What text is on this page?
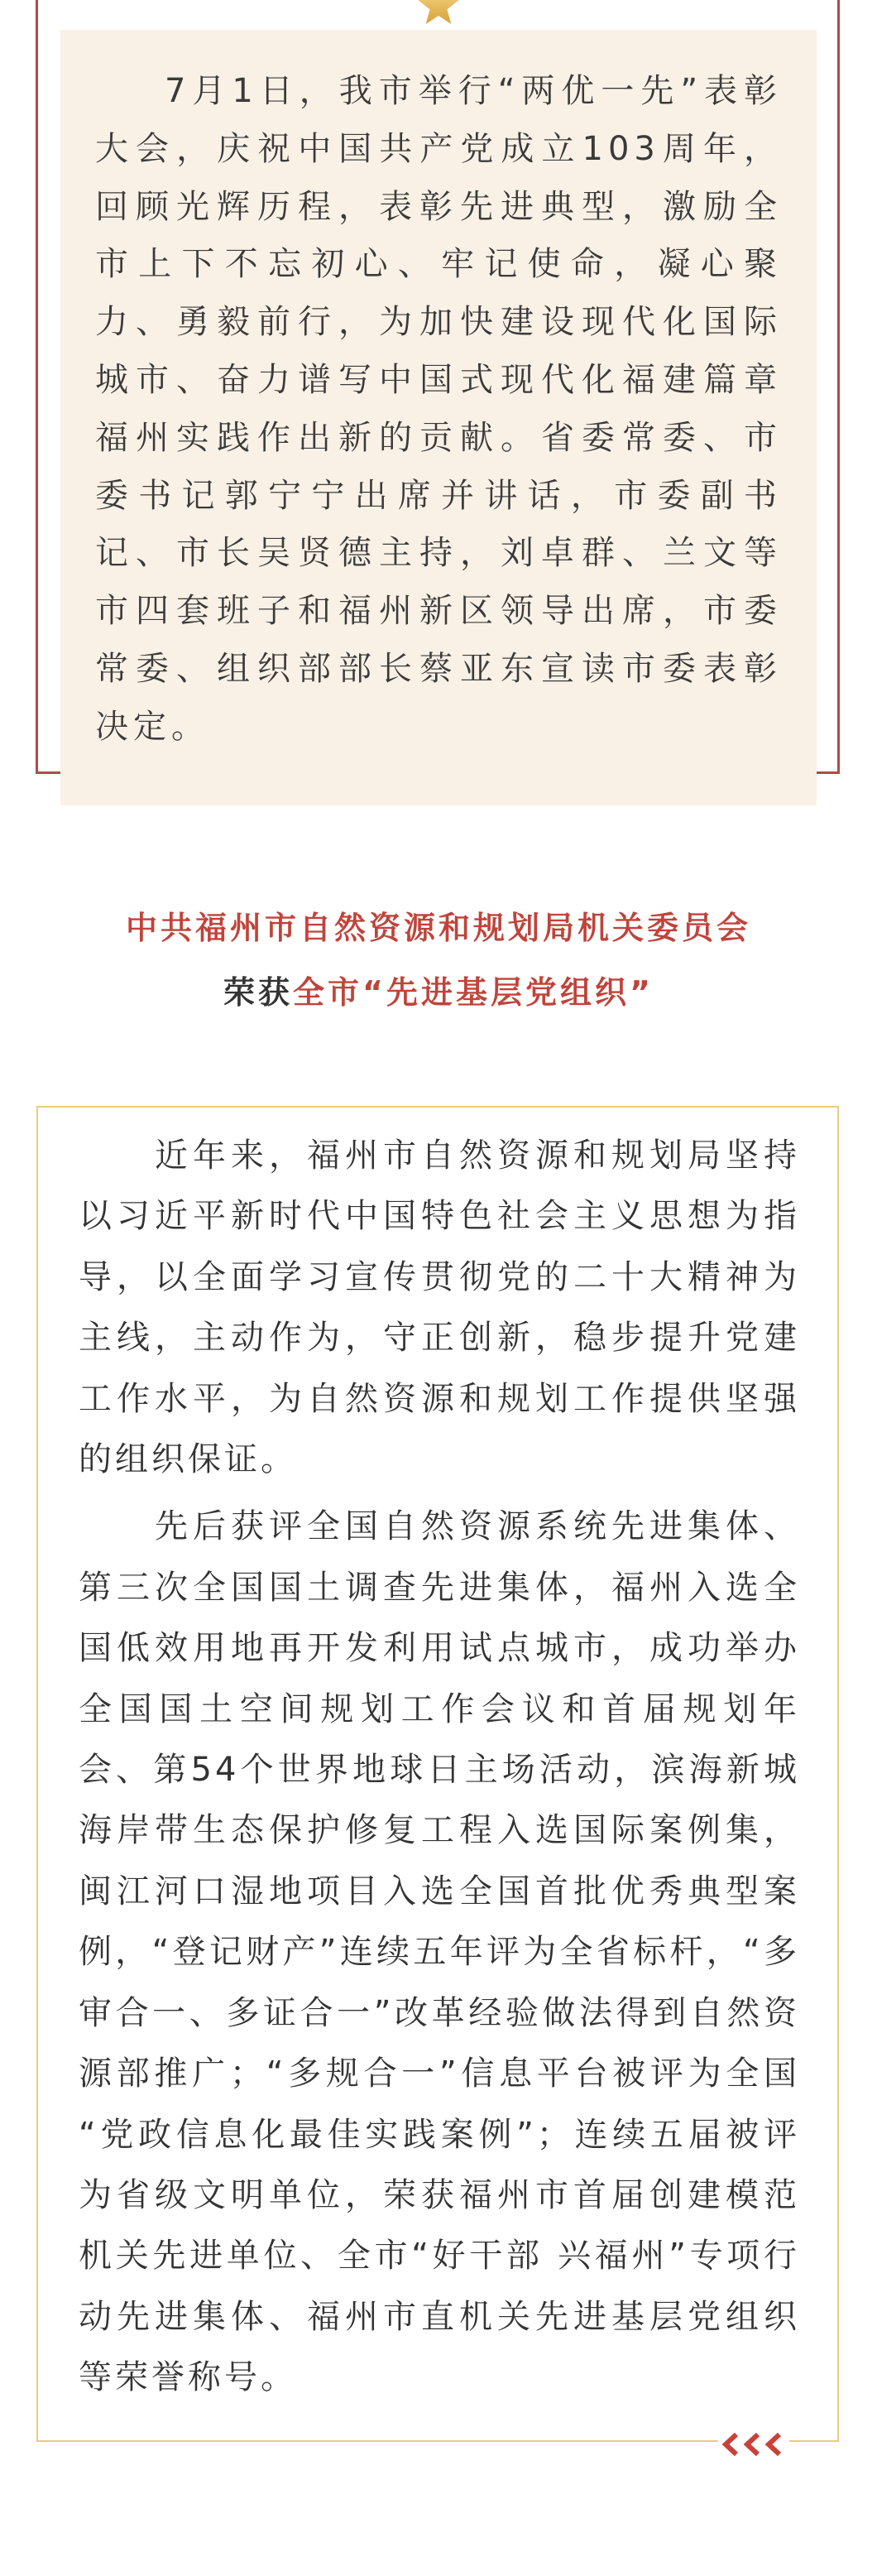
7月1日，我市举行“两优一先”表彰
大会，庆祝中国共产党成立103周年，
回顾光辉历程，表彰先进典型，激励全
市上下不忘初心、牢记使命，凝心聚
力、勇毅前行，为加快建设现代化国际
城市、奋力谱写中国式现代化福建篇章
福州实践作出新的贡献。省委常委、市
委书记郭宁宁出席并讲话，市委副书
记、市长吴贤德主持，刘卓群、兰文等
市四套班子和福州新区领导出席，市委
常委、组织部部长蔡亚东宣读市委表彰
决定。
中共福州市自然资源和规划局机关委员会
荣获全市“先进基层党组织”
近年来，福州市自然资源和规划局坚持
以习近平新时代中国特色社会主义思想为指
导，以全面学习宣传贯彻党的二十大精神为
主线，主动作为，守正创新，稳步提升党建
工作水平，为自然资源和规划工作提供坚强
的组织保证。
先后获评全国自然资源系统先进集体、
第三次全国国土调查先进集体，福州入选全
国低效用地再开发利用试点城市，成功举办
全国国土空间规划工作会议和首届规划年
会、第54个世界地球日主场活动，滨海新城
海岸带生态保护修复工程入选国际案例集，
闽江河口湿地项目入选全国首批优秀典型案
例，“登记财产”连续五年评为全省标杆，“多
审合一、多证合一”改革经验做法得到自然资
源部推广；“多规合一”信息平台被评为全国
“党政信息化最佳实践案例”；连续五届被评
为省级文明单位，荣获福州市首届创建模范
机关先进单位、全市“好干部 兴福州”专项行
动先进集体、福州市直机关先进基层党组织
等荣誉称号。
